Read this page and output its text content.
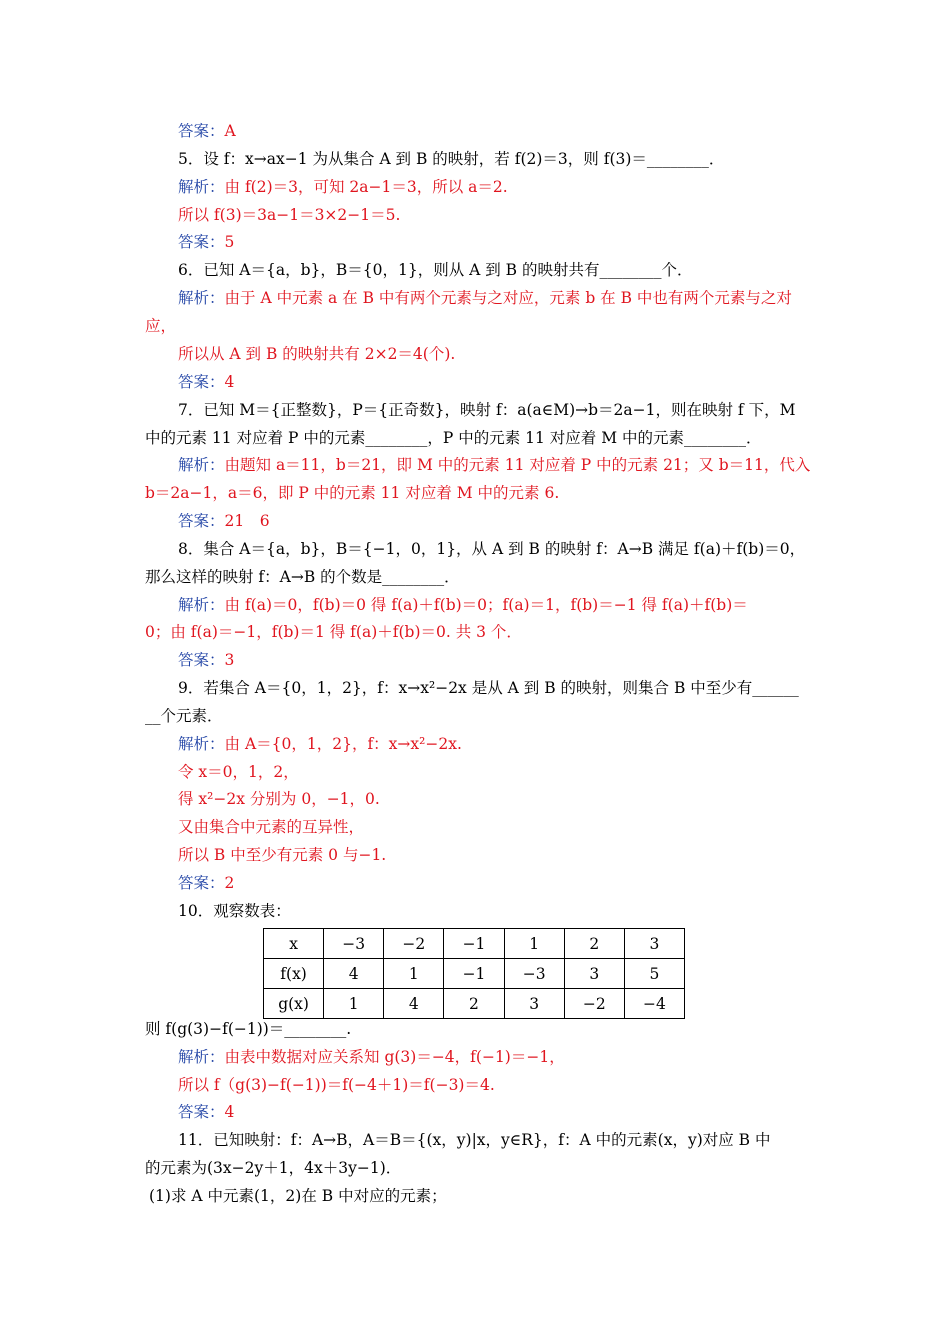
答案：A
5．设 f：x→ax−1 为从集合 A 到 B 的映射，若 f(2)＝3，则 f(3)＝________．
解析：由 f(2)＝3，可知 2a−1＝3，所以 a＝2.
所以 f(3)＝3a−1＝3×2−1＝5.
答案：5
6．已知 A＝{a，b}，B＝{0，1}，则从 A 到 B 的映射共有________个．
解析：由于 A 中元素 a 在 B 中有两个元素与之对应，元素 b 在 B 中也有两个元素与之对
应，
所以从 A 到 B 的映射共有 2×2＝4(个).
答案：4
7．已知 M＝{正整数}，P＝{正奇数}，映射 f：a(a∈M)→b＝2a−1，则在映射 f 下，M
中的元素 11 对应着 P 中的元素________，P 中的元素 11 对应着 M 中的元素________．
解析：由题知 a＝11，b＝21，即 M 中的元素 11 对应着 P 中的元素 21；又 b＝11，代入
b＝2a−1，a＝6，即 P 中的元素 11 对应着 M 中的元素 6.
答案：21　6
8．集合 A＝{a，b}，B＝{−1，0，1}，从 A 到 B 的映射 f：A→B 满足 f(a)＋f(b)＝0，
那么这样的映射 f：A→B 的个数是________．
解析：由 f(a)＝0，f(b)＝0 得 f(a)＋f(b)＝0；f(a)＝1，f(b)＝−1 得 f(a)＋f(b)＝
0；由 f(a)＝−1，f(b)＝1 得 f(a)＋f(b)＝0. 共 3 个．
答案：3
9．若集合 A＝{0，1，2}，f：x→x²−2x 是从 A 到 B 的映射，则集合 B 中至少有______
__个元素．
解析：由 A＝{0，1，2}，f：x→x²−2x.
令 x＝0，1，2，
得 x²−2x 分别为 0，−1，0.
又由集合中元素的互异性，
所以 B 中至少有元素 0 与−1.
答案：2
10．观察数表：
x	−3	−2	−1	1	2	3
f(x)	4	1	−1	−3	3	5
g(x)	1	4	2	3	−2	−4
则 f(g(3)−f(−1))＝________.
解析：由表中数据对应关系知 g(3)＝−4，f(−1)＝−1，
所以 f（g(3)−f(−1))＝f(−4＋1)＝f(−3)＝4.
答案：4
11．已知映射：f：A→B，A＝B＝{(x，y)|x，y∈R}，f：A 中的元素(x，y)对应 B 中
的元素为(3x−2y＋1，4x＋3y−1)．
(1)求 A 中元素(1，2)在 B 中对应的元素；
